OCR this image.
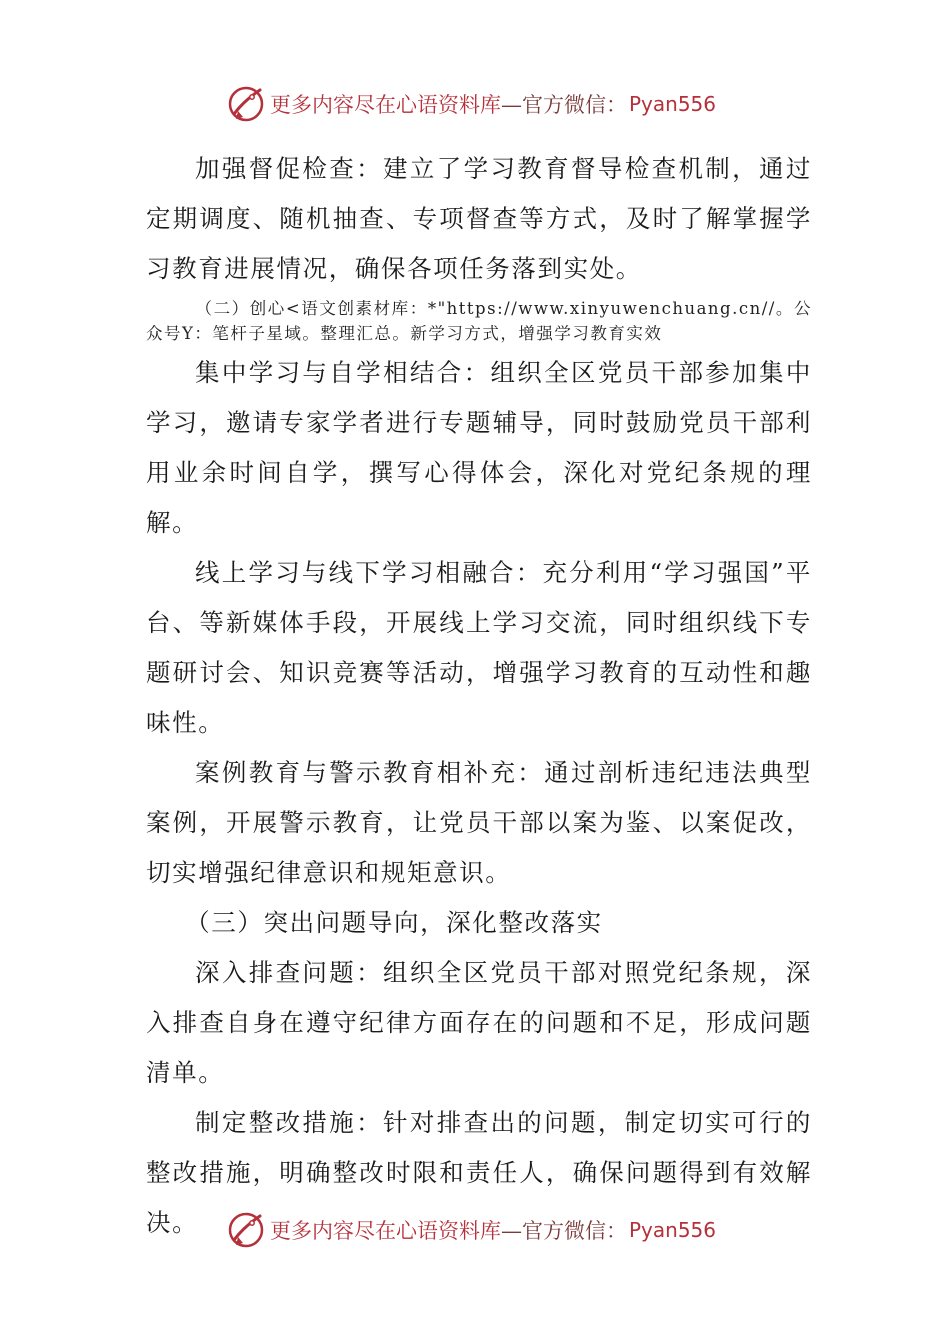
更多内容尽在心语资料库 —官方微信： Pyan556

加强督促检查：建立了学习教育督导检查机制，通过定期调度、随机抽查、专项督查等方式，及时了解掌握学习教育进展情况，确保各项任务落到实处。

（二）创心<语文创素材库：*"https://www.xinyuwenchuang.cn//。公众号Y：笔杆子星域。整理汇总。新学习方式，增强学习教育实效

集中学习与自学相结合：组织全区党员干部参加集中学习，邀请专家学者进行专题辅导，同时鼓励党员干部利用业余时间自学，撰写心得体会，深化对党纪条规的理解。

线上学习与线下学习相融合：充分利用“学习强国”平台、等新媒体手段，开展线上学习交流，同时组织线下专题研讨会、知识竞赛等活动，增强学习教育的互动性和趣味性。

案例教育与警示教育相补充：通过剖析违纪违法典型案例，开展警示教育，让党员干部以案为鉴、以案促改，切实增强纪律意识和规矩意识。

（三）突出问题导向，深化整改落实

深入排查问题：组织全区党员干部对照党纪条规，深入排查自身在遵守纪律方面存在的问题和不足，形成问题清单。

制定整改措施：针对排查出的问题，制定切实可行的整改措施，明确整改时限和责任人，确保问题得到有效解决。	更多内容尽在心语资料库 —官方微信： Pyan556
